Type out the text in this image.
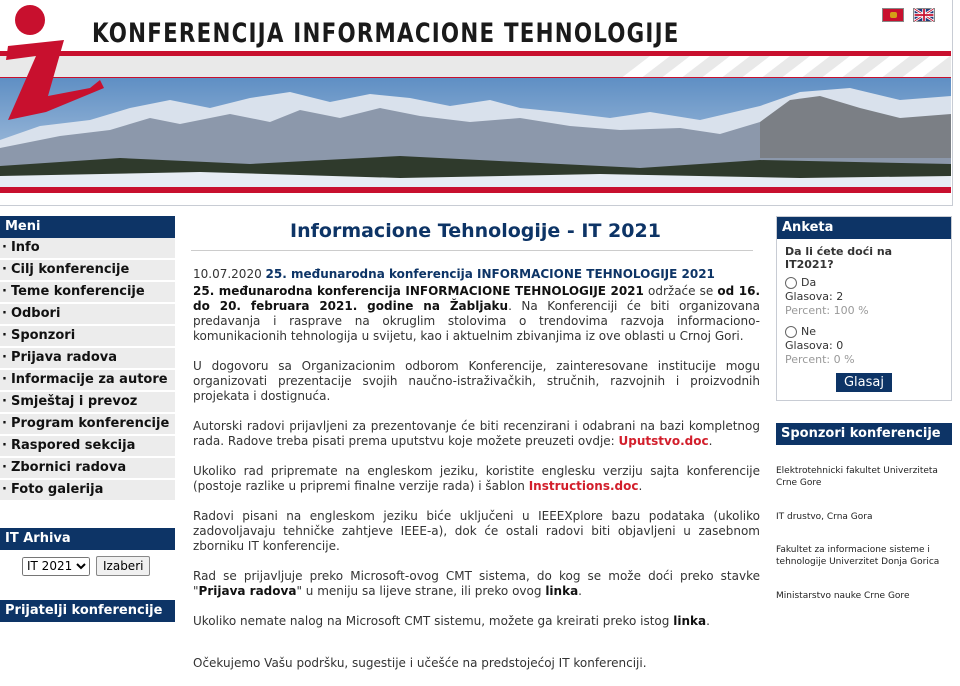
KONFERENCIJA INFORMACIONE TEHNOLOGIJE
Meni
· Info
· Cilj konferencije
· Teme konferencije
· Odbori
· Sponzori
· Prijava radova
· Informacije za autore
· Smještaj i prevoz
· Program konferencije
· Raspored sekcija
· Zbornici radova
· Foto galerija
IT Arhiva
IT 2021Izaberi
Prijatelji konferencije
Informacione Tehnologije - IT 2021

10.07.2020 25. međunarodna konferencija INFORMACIONE TEHNOLOGIJE 2021

25. međunarodna konferencija INFORMACIONE TEHNOLOGIJE 2021 održaće se od 16. do 20. februara 2021. godine na Žabljaku. Na Konferenciji će biti organizovana predavanja i rasprave na okruglim stolovima o trendovima razvoja informaciono-komunikacionih tehnologija u svijetu, kao i aktuelnim zbivanjima iz ove oblasti u Crnoj Gori.

U dogovoru sa Organizacionim odborom Konferencije, zainteresovane institucije mogu organizovati prezentacije svojih naučno-istraživačkih, stručnih, razvojnih i proizvodnih projekata i dostignuća.

Autorski radovi prijavljeni za prezentovanje će biti recenzirani i odabrani na bazi kompletnog rada. Radove treba pisati prema uputstvu koje možete preuzeti ovdje: Uputstvo.doc.

Ukoliko rad pripremate na engleskom jeziku, koristite englesku verziju sajta konferencije (postoje razlike u pripremi finalne verzije rada) i šablon Instructions.doc.

Radovi pisani na engleskom jeziku biće uključeni u IEEEXplore bazu podataka (ukoliko zadovoljavaju tehničke zahtjeve IEEE-a), dok će ostali radovi biti objavljeni u zasebnom zborniku IT konferencije.

Rad se prijavljuje preko Microsoft-ovog CMT sistema, do kog se može doći preko stavke "Prijava radova" u meniju sa lijeve strane, ili preko ovog linka.

Ukoliko nemate nalog na Microsoft CMT sistemu, možete ga kreirati preko istog linka.

Očekujemo Vašu podršku, sugestije i učešće na predstojećoj IT konferenciji.

Anketa
Da li ćete doći na IT2021?
Da
Glasova: 2
Percent: 100 %
Ne
Glasova: 0
Percent: 0 %
Glasaj
Sponzori konferencije
Elektrotehnicki fakultet Univerziteta Crne Gore
IT drustvo, Crna Gora
Fakultet za informacione sisteme i tehnologije Univerzitet Donja Gorica
Ministarstvo nauke Crne Gore
